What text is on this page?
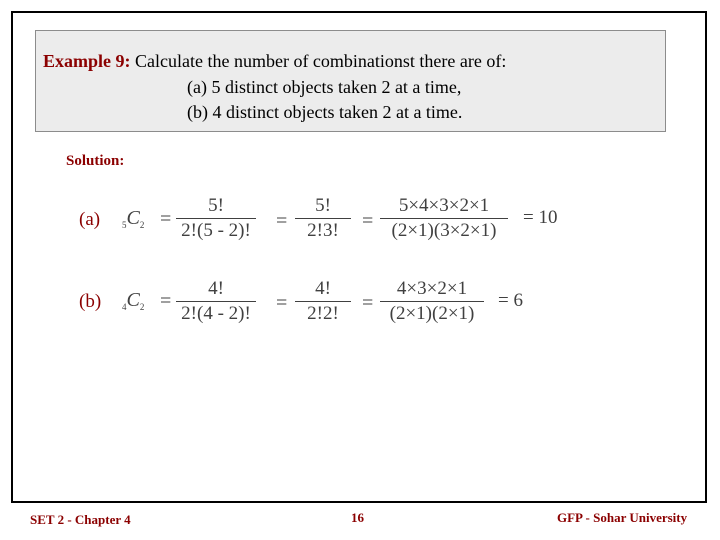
Example 9: Calculate the number of combinationst there are of:
(a) 5 distinct objects taken 2 at a time,
(b) 4 distinct objects taken 2 at a time.
Solution:
(a) $_5C_2$ =
5!
2!(5 - 2)! =
5!
2!3!	=
5×4×3×2×1
(2×1)(3×2×1)
= 10
(b) $_4C_2$ =
4!
2!(4 - 2)! =
4!
2!2!	=
4×3×2×1
(2×1)(2×1)
= 6
SET 2 - Chapter 4	16	GFP - Sohar University
